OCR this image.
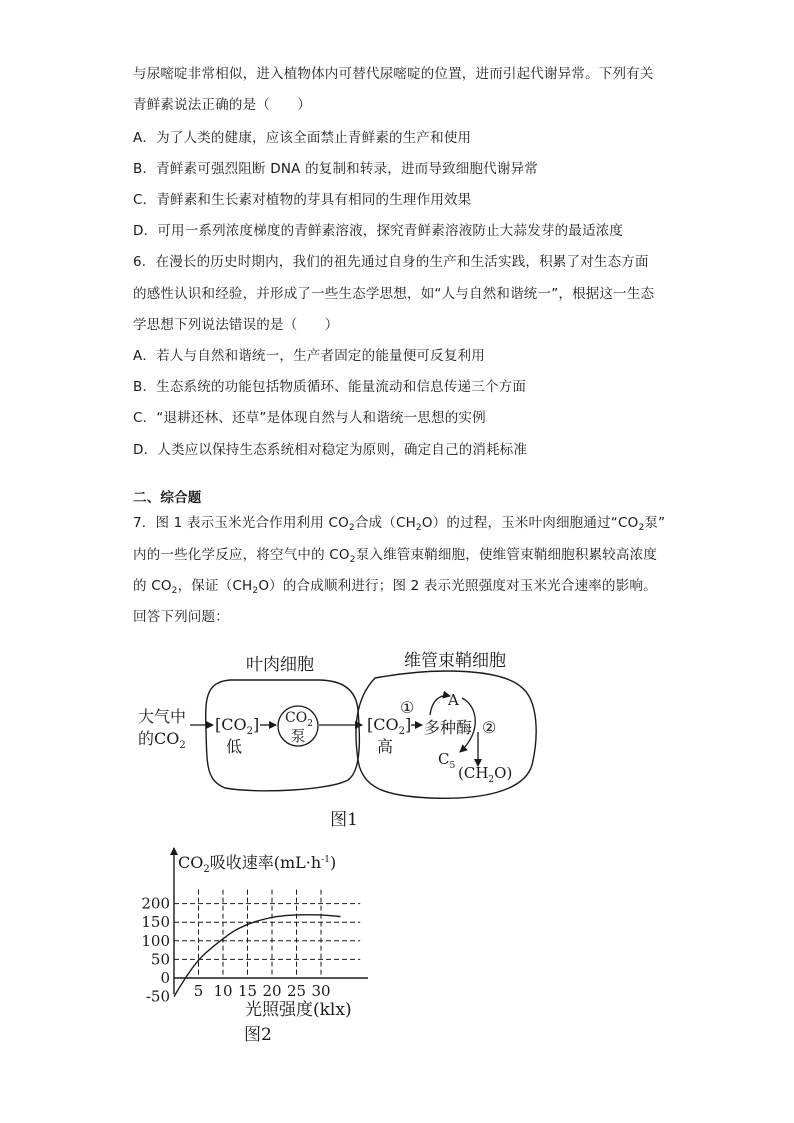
与尿嘧啶非常相似，进入植物体内可替代尿嘧啶的位置，进而引起代谢异常。下列有关
青鲜素说法正确的是（　　）
A．为了人类的健康，应该全面禁止青鲜素的生产和使用
B．青鲜素可强烈阻断 DNA 的复制和转录，进而导致细胞代谢异常
C．青鲜素和生长素对植物的芽具有相同的生理作用效果
D．可用一系列浓度梯度的青鲜素溶液，探究青鲜素溶液防止大蒜发芽的最适浓度
6．在漫长的历史时期内，我们的祖先通过自身的生产和生活实践，积累了对生态方面
的感性认识和经验，并形成了一些生态学思想，如“人与自然和谐统一”，根据这一生态
学思想下列说法错误的是（　　）
A．若人与自然和谐统一，生产者固定的能量便可反复利用
B．生态系统的功能包括物质循环、能量流动和信息传递三个方面
C．“退耕还林、还草”是体现自然与人和谐统一思想的实例
D．人类应以保持生态系统相对稳定为原则，确定自己的消耗标准
二、综合题
7．图 1 表示玉米光合作用利用 $CO_2$合成$(CH_2O)$的过程，玉米叶肉细胞通过“$CO_2$泵”
内的一些化学反应，将空气中的 $CO_2$泵入维管束鞘细胞，使维管束鞘细胞积累较高浓度
的 $CO_2$，保证$(CH_2O)$的合成顺利进行；图 2 表示光照强度对玉米光合速率的影响。
回答下列问题：
叶肉细胞	维管束鞘细胞
大气中
的$CO_2$
$[CO_2]$
低
$CO_2$
泵
$[CO_2]$
高
① A
多种酶 ②
$C_5$ $(CH_2O)$
图1
$CO_2$吸收速率$(mL\cdot h^{-1})$
200
150
100
50
0
-50 5 10 15 20 25 30
光照强度(klx)
图2
